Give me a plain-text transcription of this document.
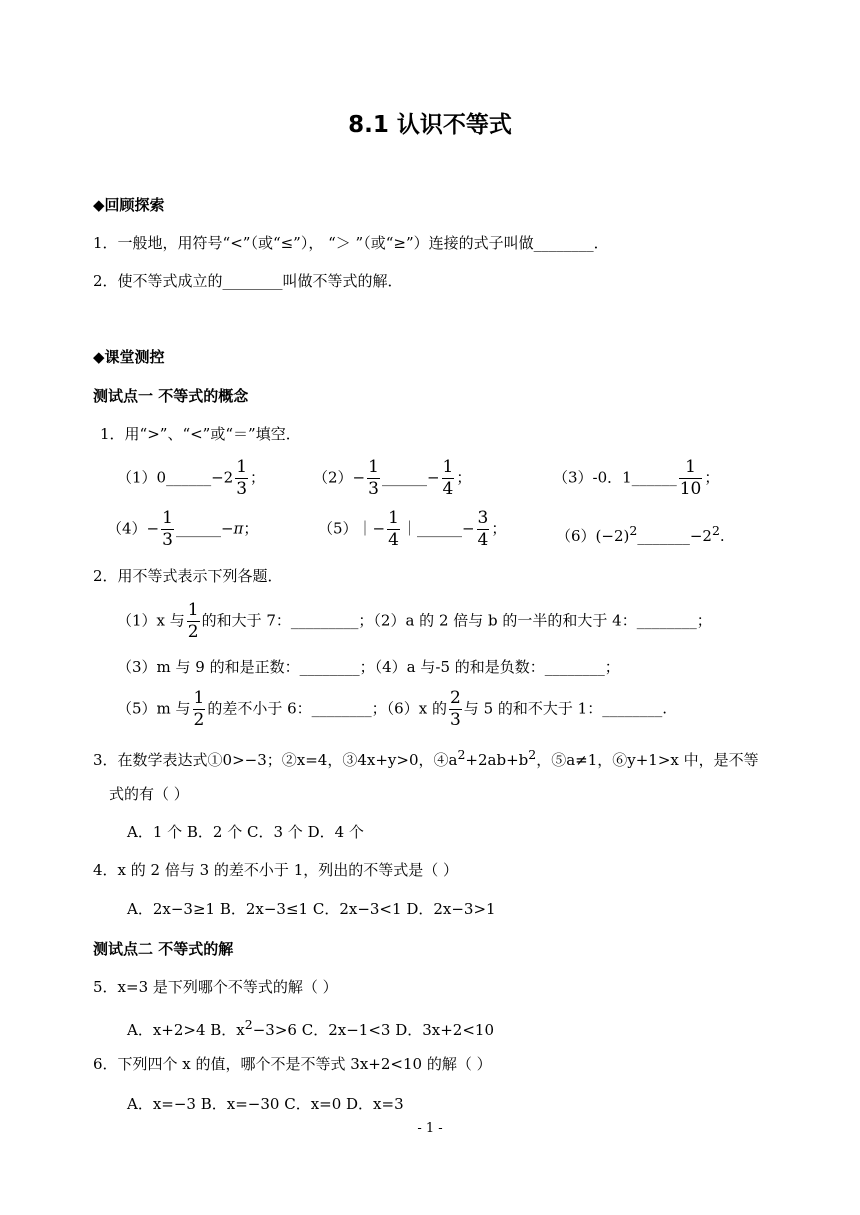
8.1 认识不等式
◆回顾探索
1．一般地，用符号“<”（或“≤”）， “＞ ”（或“≥”）连接的式子叫做________．
2．使不等式成立的________叫做不等式的解．
◆课堂测控
测试点一 不等式的概念
1．用“>”、“<”或“＝”填空．
（1）0______−2 $\frac{1}{3}$ ；	$(2)- \frac{1}{3}$ ______− $\frac{1}{4}$ ；	（3）-0．1______ $\frac{1}{10}$ ；
$(4)- \frac{1}{3}$ ______−π；	（5）｜− $\frac{1}{4}$ ｜______− $\frac{3}{4}$ ；	$(6)(-2)^2\_\_\_\_\_\_\_-2^2$.
2．用不等式表示下列各题．
（1）x 与 $\frac{1}{2}$ 的和大于 7：_________；（2）a 的 2 倍与 b 的一半的和大于 4：________；
（3）m 与 9 的和是正数：________；（4）a 与-5 的和是负数：________；
（5）m 与 $\frac{1}{2}$ 的差不小于 6：________；（6）x 的 $\frac{2}{3}$ 与 5 的和不大于 1：________.
3．在数学表达式①0>−3；②x=4，③4x+y>0，$④a^2+2ab+b^2$，⑤a≠1，⑥y+1>x 中，是不等
式的有（ ）
A．1 个 B．2 个 C．3 个 D．4 个
4．x 的 2 倍与 3 的差不小于 1，列出的不等式是（ ）
A．2x−3≥1 B．2x−3≤1 C．2x−3<1 D．2x−3>1
测试点二 不等式的解
5．x=3 是下列哪个不等式的解（ ）
A．x+2>4 B．$x^2-3>6$ C．2x−1<3 D．3x+2<10
6．下列四个 x 的值，哪个不是不等式 3x+2<10 的解（ ）
A．x=−3 B．x=−30 C．x=0 D．x=3
- 1 -
